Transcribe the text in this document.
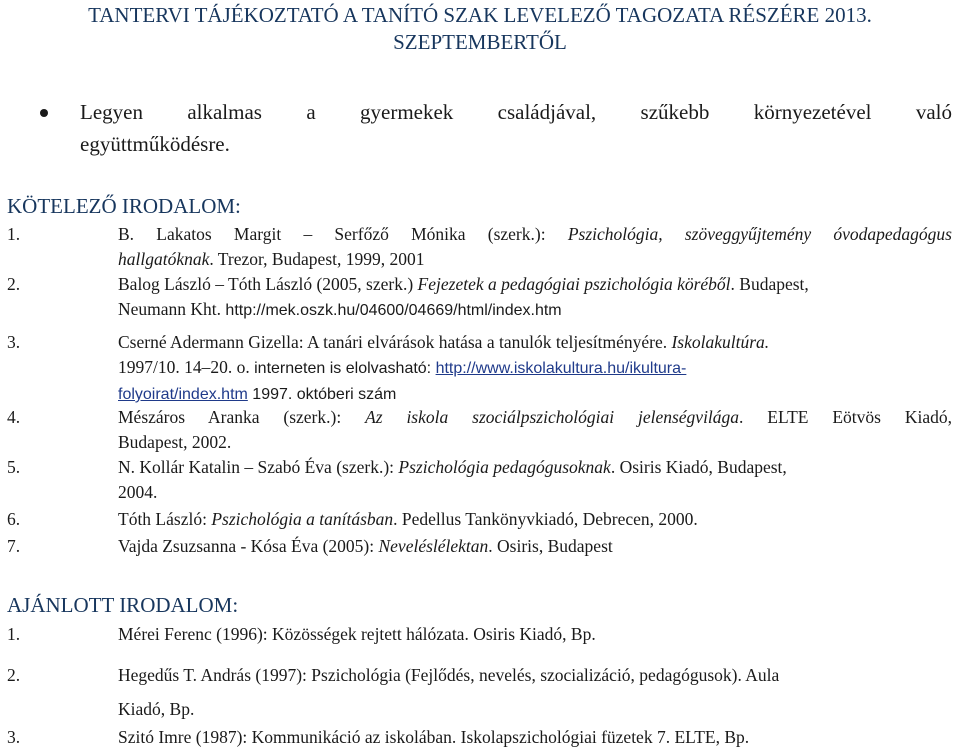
TANTERVI TÁJÉKOZTATÓ A TANÍTÓ SZAK LEVELEZŐ TAGOZATA RÉSZÉRE 2013.
SZEPTEMBERTŐL
Legyen alkalmas a gyermekek családjával, szűkebb környezetével való
együttműködésre.
KÖTELEZŐ IRODALOM:
1.	B. Lakatos Margit – Serfőző Mónika (szerk.): Pszichológia, szöveggyűjtemény óvodapedagógus
hallgatóknak. Trezor, Budapest, 1999, 2001
2.	Balog László – Tóth László (2005, szerk.) Fejezetek a pedagógiai pszichológia köréből. Budapest,
Neumann Kht. http://mek.oszk.hu/04600/04669/html/index.htm
3.	Cserné Adermann Gizella: A tanári elvárások hatása a tanulók teljesítményére. Iskolakultúra.
1997/10. 14–20. o. interneten is elolvasható: http://www.iskolakultura.hu/ikultura-
folyoirat/index.htm 1997. októberi szám
4.	Mészáros Aranka (szerk.): Az iskola szociálpszichológiai jelenségvilága. ELTE Eötvös Kiadó,
Budapest, 2002.
5.	N. Kollár Katalin – Szabó Éva (szerk.): Pszichológia pedagógusoknak. Osiris Kiadó, Budapest,
2004.
6.	Tóth László: Pszichológia a tanításban. Pedellus Tankönyvkiadó, Debrecen, 2000.
7.	Vajda Zsuzsanna - Kósa Éva (2005): Neveléslélektan. Osiris, Budapest
AJÁNLOTT IRODALOM:
1.	Mérei Ferenc (1996): Közösségek rejtett hálózata. Osiris Kiadó, Bp.
2.	Hegedűs T. András (1997): Pszichológia (Fejlődés, nevelés, szocializáció, pedagógusok). Aula
Kiadó, Bp.
3.	Szitó Imre (1987): Kommunikáció az iskolában. Iskolapszichológiai füzetek 7. ELTE, Bp.
